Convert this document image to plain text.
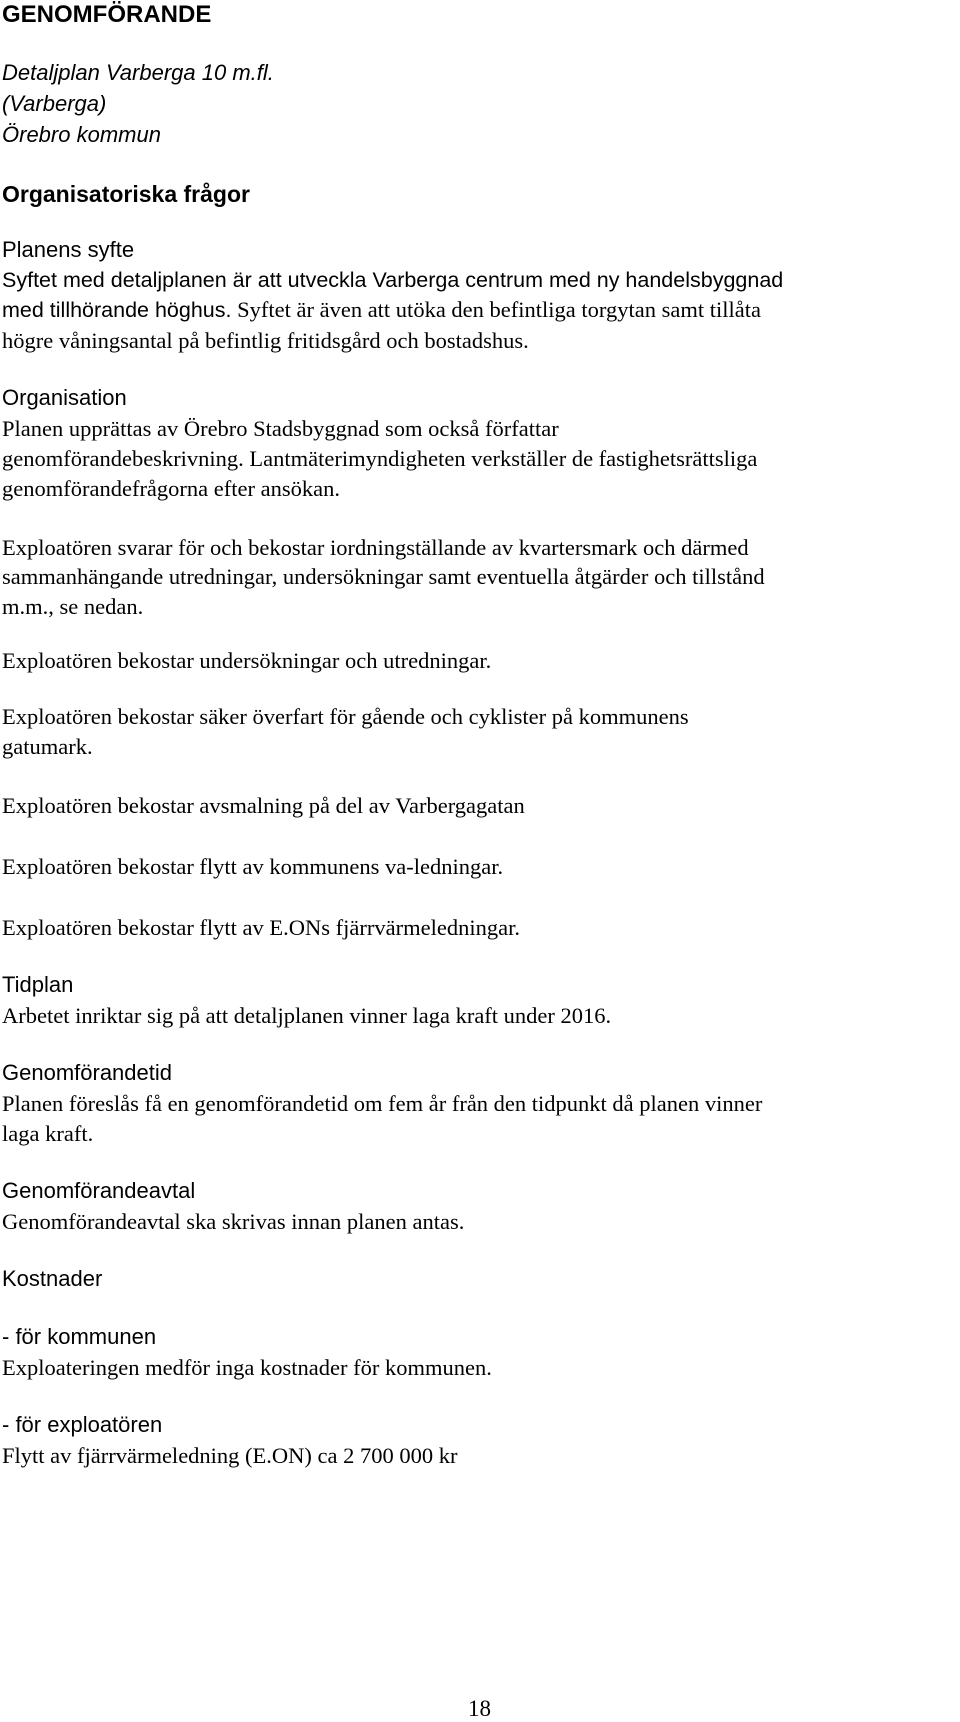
GENOMFÖRANDE
Detaljplan Varberga 10 m.fl.
(Varberga)
Örebro kommun
Organisatoriska frågor
Planens syfte
Syftet med detaljplanen är att utveckla Varberga centrum med ny handelsbyggnad
med tillhörande höghus. Syftet är även att utöka den befintliga torgytan samt tillåta
högre våningsantal på befintlig fritidsgård och bostadshus.
Organisation
Planen upprättas av Örebro Stadsbyggnad som också författar
genomförandebeskrivning. Lantmäterimyndigheten verkställer de fastighetsrättsliga
genomförandefrågorna efter ansökan.
Exploatören svarar för och bekostar iordningställande av kvartersmark och därmed
sammanhängande utredningar, undersökningar samt eventuella åtgärder och tillstånd
m.m., se nedan.
Exploatören bekostar undersökningar och utredningar.
Exploatören bekostar säker överfart för gående och cyklister på kommunens
gatumark.
Exploatören bekostar avsmalning på del av Varbergagatan
Exploatören bekostar flytt av kommunens va-ledningar.
Exploatören bekostar flytt av E.ONs fjärrvärmeledningar.
Tidplan
Arbetet inriktar sig på att detaljplanen vinner laga kraft under 2016.
Genomförandetid
Planen föreslås få en genomförandetid om fem år från den tidpunkt då planen vinner
laga kraft.
Genomförandeavtal
Genomförandeavtal ska skrivas innan planen antas.
Kostnader
- för kommunen
Exploateringen medför inga kostnader för kommunen.
- för exploatören
Flytt av fjärrvärmeledning (E.ON) ca 2 700 000 kr
18
